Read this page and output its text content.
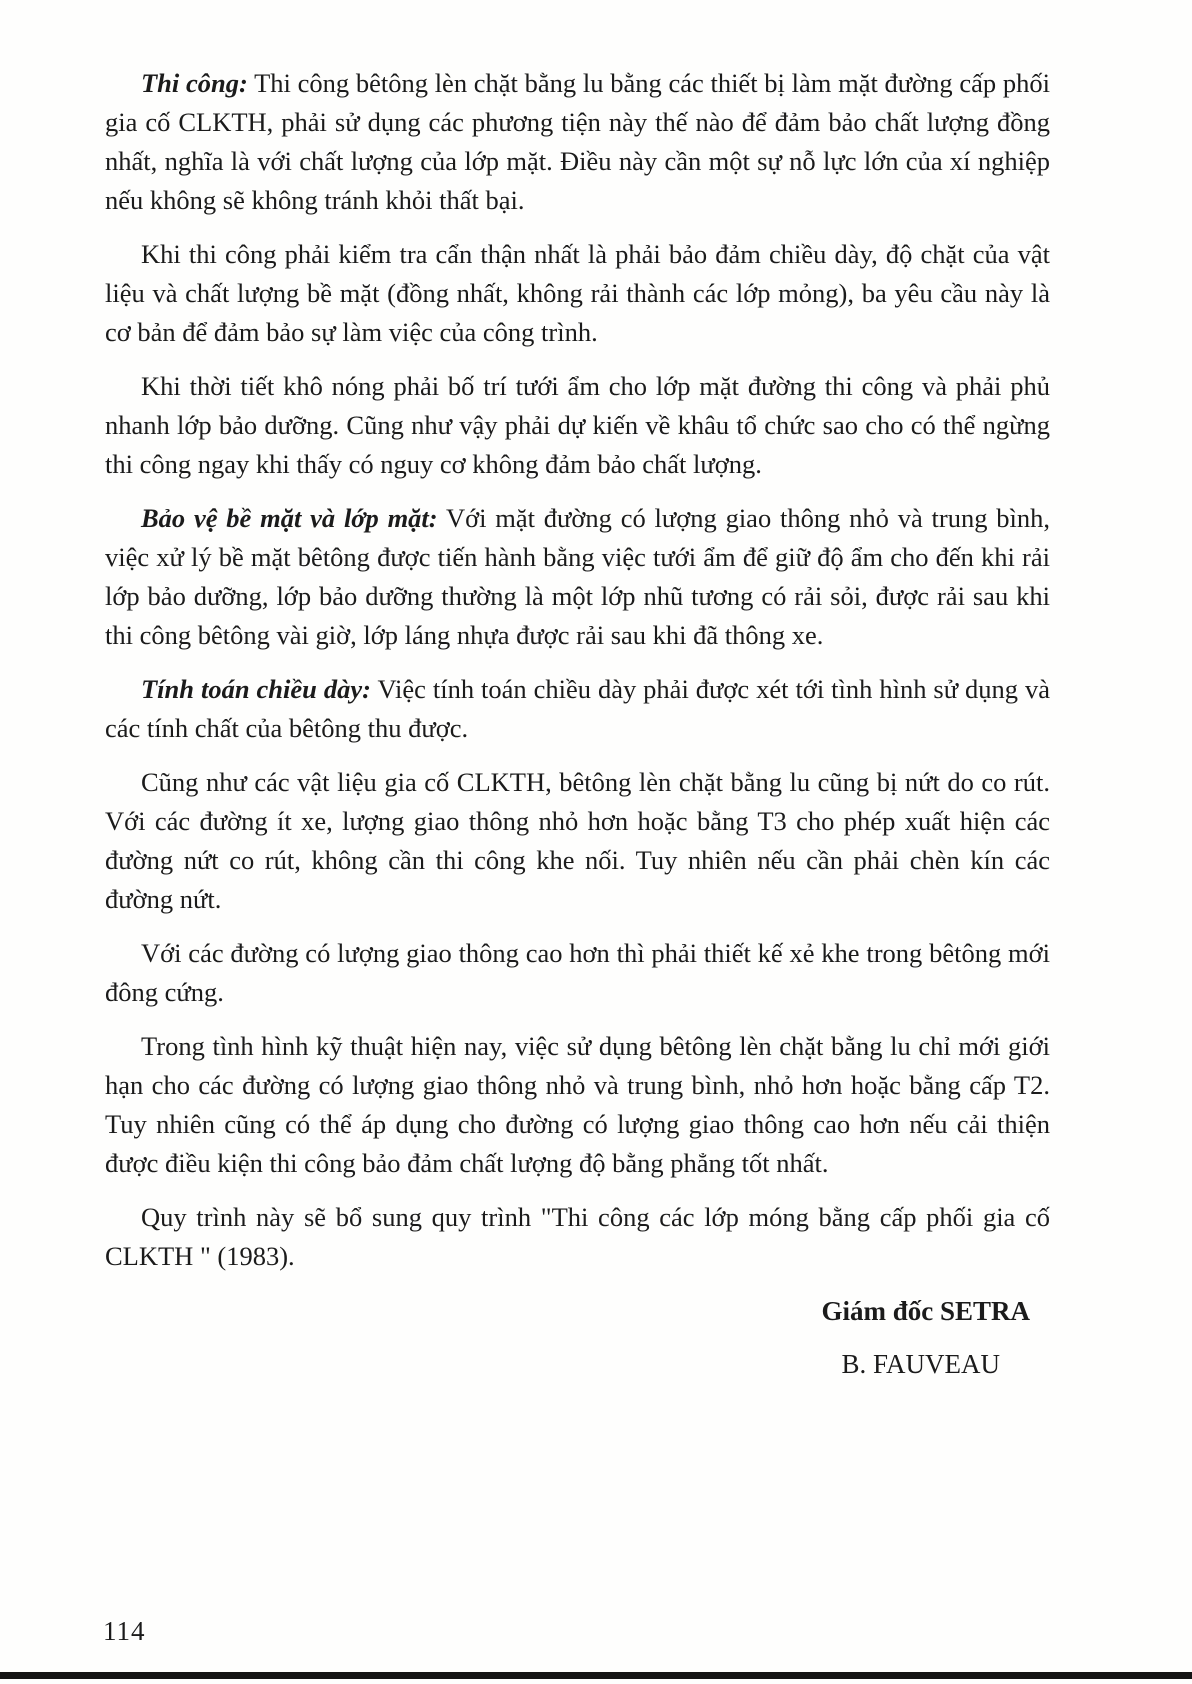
Thi công: Thi công bêtông lèn chặt bằng lu bằng các thiết bị làm mặt đường cấp phối gia cố CLKTH, phải sử dụng các phương tiện này thế nào để đảm bảo chất lượng đồng nhất, nghĩa là với chất lượng của lớp mặt. Điều này cần một sự nỗ lực lớn của xí nghiệp nếu không sẽ không tránh khỏi thất bại.

Khi thi công phải kiểm tra cẩn thận nhất là phải bảo đảm chiều dày, độ chặt của vật liệu và chất lượng bề mặt (đồng nhất, không rải thành các lớp mỏng), ba yêu cầu này là cơ bản để đảm bảo sự làm việc của công trình.

Khi thời tiết khô nóng phải bố trí tưới ẩm cho lớp mặt đường thi công và phải phủ nhanh lớp bảo dưỡng. Cũng như vậy phải dự kiến về khâu tổ chức sao cho có thể ngừng thi công ngay khi thấy có nguy cơ không đảm bảo chất lượng.

Bảo vệ bề mặt và lớp mặt: Với mặt đường có lượng giao thông nhỏ và trung bình, việc xử lý bề mặt bêtông được tiến hành bằng việc tưới ẩm để giữ độ ẩm cho đến khi rải lớp bảo dưỡng, lớp bảo dưỡng thường là một lớp nhũ tương có rải sỏi, được rải sau khi thi công bêtông vài giờ, lớp láng nhựa được rải sau khi đã thông xe.

Tính toán chiều dày: Việc tính toán chiều dày phải được xét tới tình hình sử dụng và các tính chất của bêtông thu được.

Cũng như các vật liệu gia cố CLKTH, bêtông lèn chặt bằng lu cũng bị nứt do co rút. Với các đường ít xe, lượng giao thông nhỏ hơn hoặc bằng T3 cho phép xuất hiện các đường nứt co rút, không cần thi công khe nối. Tuy nhiên nếu cần phải chèn kín các đường nứt.

Với các đường có lượng giao thông cao hơn thì phải thiết kế xẻ khe trong bêtông mới đông cứng.

Trong tình hình kỹ thuật hiện nay, việc sử dụng bêtông lèn chặt bằng lu chỉ mới giới hạn cho các đường có lượng giao thông nhỏ và trung bình, nhỏ hơn hoặc bằng cấp T2. Tuy nhiên cũng có thể áp dụng cho đường có lượng giao thông cao hơn nếu cải thiện được điều kiện thi công bảo đảm chất lượng độ bằng phẳng tốt nhất.

Quy trình này sẽ bổ sung quy trình "Thi công các lớp móng bằng cấp phối gia cố CLKTH " (1983).

Giám đốc SETRA
B. FAUVEAU
114
